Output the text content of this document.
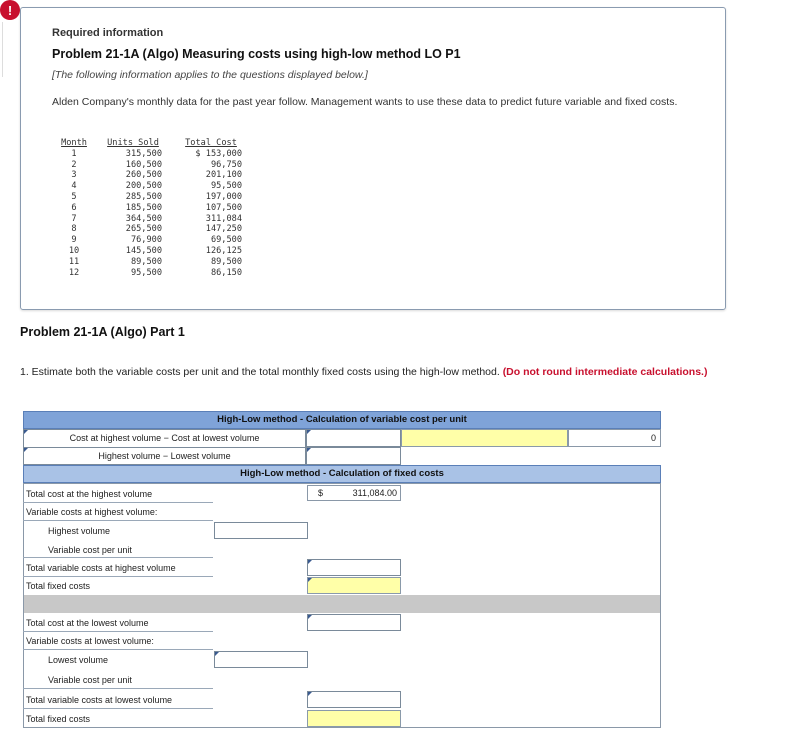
!
Required information
Problem 21-1A (Algo) Measuring costs using high-low method LO P1
[The following information applies to the questions displayed below.]
Alden Company's monthly data for the past year follow. Management wants to use these data to predict future variable and fixed costs.
Month
1
2
3
4
5
6
7
8
9
10
11
12
Units Sold
315,500
160,500
260,500
200,500
285,500
185,500
364,500
265,500
76,900
145,500
89,500
95,500
Total Cost
$ 153,000
96,750
201,100
95,500
197,000
107,500
311,084
147,250
69,500
126,125
89,500
86,150
Problem 21-1A (Algo) Part 1
1. Estimate both the variable costs per unit and the total monthly fixed costs using the high-low method. (Do not round intermediate calculations.)
High-Low method - Calculation of variable cost per unit
Cost at highest volume − Cost at lowest volume
Highest volume − Lowest volume
0
High-Low method - Calculation of fixed costs
Total cost at the highest volume	$	311,084.00
Variable costs at highest volume:
Highest volume
Variable cost per unit
Total variable costs at highest volume
Total fixed costs
Total cost at the lowest volume
Variable costs at lowest volume:
Lowest volume
Variable cost per unit
Total variable costs at lowest volume
Total fixed costs
